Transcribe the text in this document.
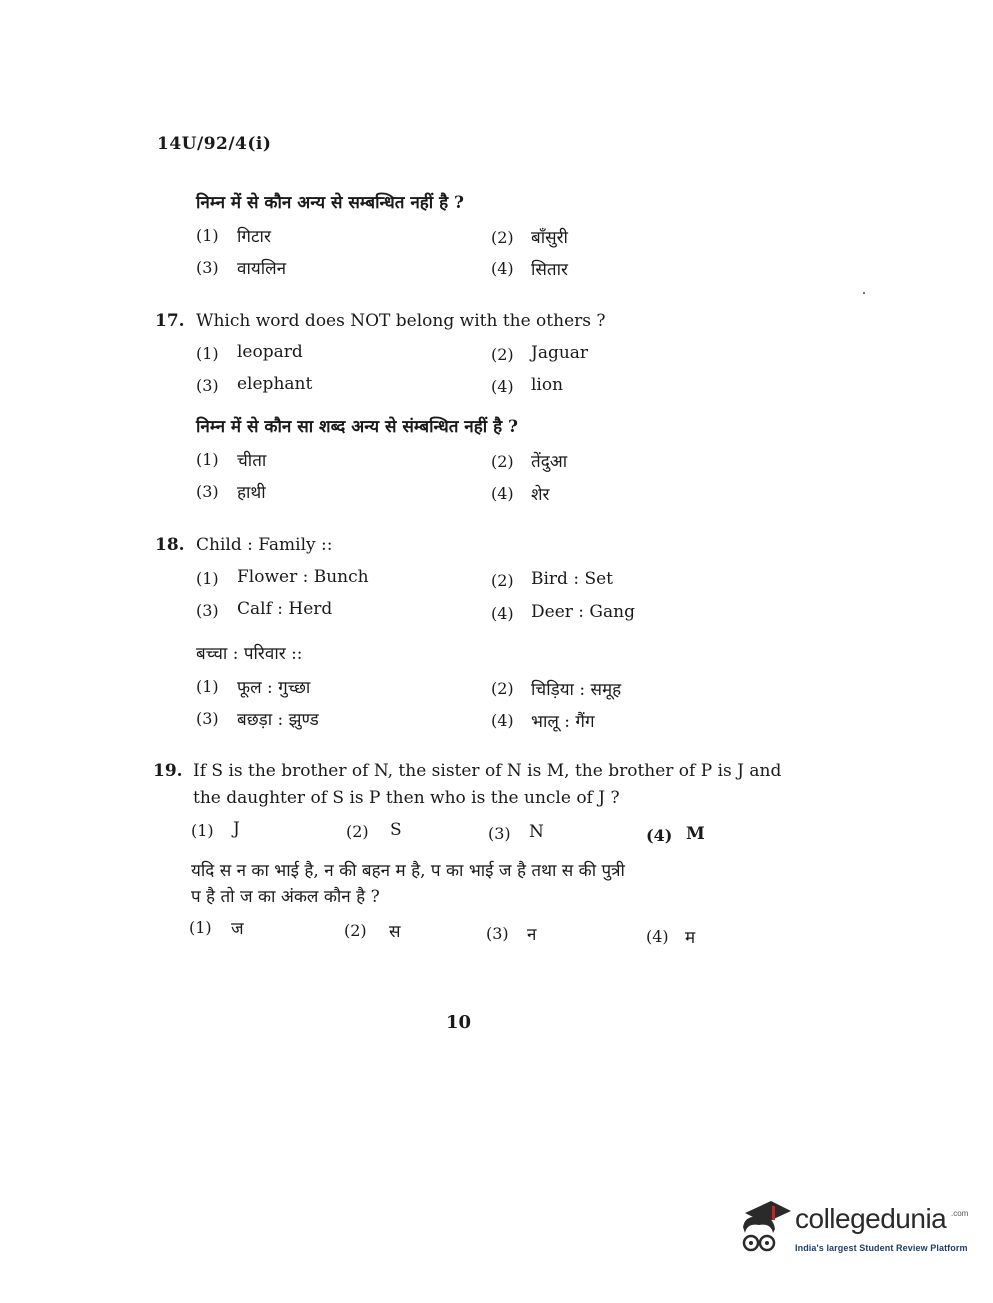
14U/92/4(i)
निम्न में से कौन अन्य से सम्बन्धित नहीं है ?
(1) गिटार	(2) बाँसुरी
(3) वायलिन	(4) सितार
17. Which word does NOT belong with the others ?
(1) leopard	(2) Jaguar
(3) elephant	(4) lion
निम्न में से कौन सा शब्द अन्य से संम्बन्धित नहीं है ?
(1) चीता	(2) तेंदुआ
(3) हाथी	(4) शेर
18. Child : Family ::
(1) Flower : Bunch	(2) Bird : Set
(3) Calf : Herd	(4) Deer : Gang
बच्चा : परिवार ::
(1) फूल : गुच्छा	(2) चिड़िया : समूह
(3) बछड़ा : झुण्ड	(4) भालू : गैंग
19. If S is the brother of N, the sister of N is M, the brother of P is J and
the daughter of S is P then who is the uncle of J ?
(1) J	(2) S	(3) N	(4) M
यदि स न का भाई है, न की बहन म है, प का भाई ज है तथा स की पुत्री
प है तो ज का अंकल कौन है ?
(1) ज	(2) स	(3) न	(4) म
10
collegedunia .com
India's largest Student Review Platform
